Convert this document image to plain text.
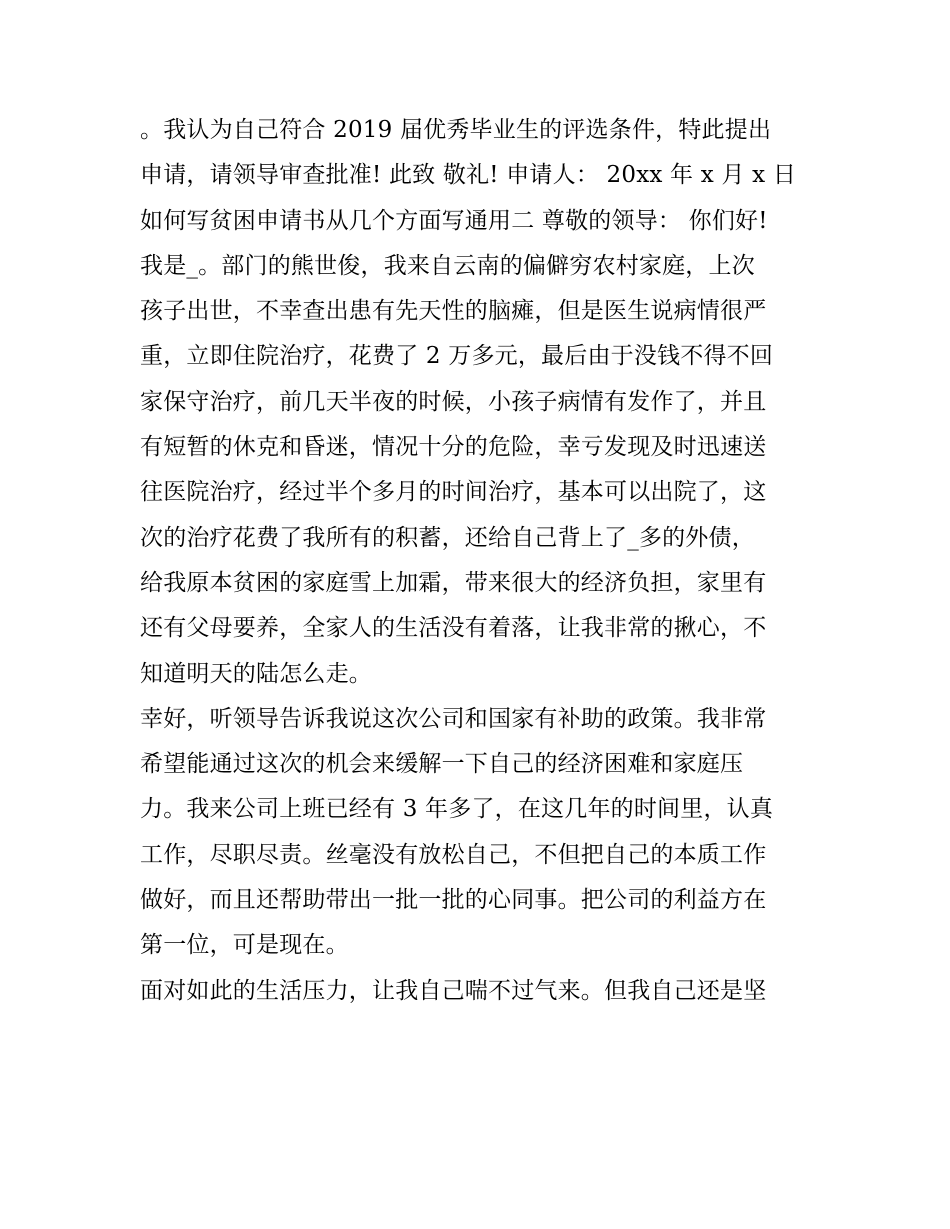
。我认为自己符合 2019 届优秀毕业生的评选条件，特此提出
申请，请领导审查批准! 此致 敬礼! 申请人： 20xx 年 x 月 x 日
如何写贫困申请书从几个方面写通用二 尊敬的领导： 你们好!
我是_。部门的熊世俊，我来自云南的偏僻穷农村家庭，上次
孩子出世，不幸查出患有先天性的脑瘫，但是医生说病情很严
重，立即住院治疗，花费了 2 万多元，最后由于没钱不得不回
家保守治疗，前几天半夜的时候，小孩子病情有发作了，并且
有短暂的休克和昏迷，情况十分的危险，幸亏发现及时迅速送
往医院治疗，经过半个多月的时间治疗，基本可以出院了，这
次的治疗花费了我所有的积蓄，还给自己背上了_多的外债，
给我原本贫困的家庭雪上加霜，带来很大的经济负担，家里有
还有父母要养，全家人的生活没有着落，让我非常的揪心，不
知道明天的陆怎么走。
幸好，听领导告诉我说这次公司和国家有补助的政策。我非常
希望能通过这次的机会来缓解一下自己的经济困难和家庭压
力。我来公司上班已经有 3 年多了，在这几年的时间里，认真
工作，尽职尽责。丝毫没有放松自己，不但把自己的本质工作
做好，而且还帮助带出一批一批的心同事。把公司的利益方在
第一位，可是现在。
面对如此的生活压力，让我自己喘不过气来。但我自己还是坚
